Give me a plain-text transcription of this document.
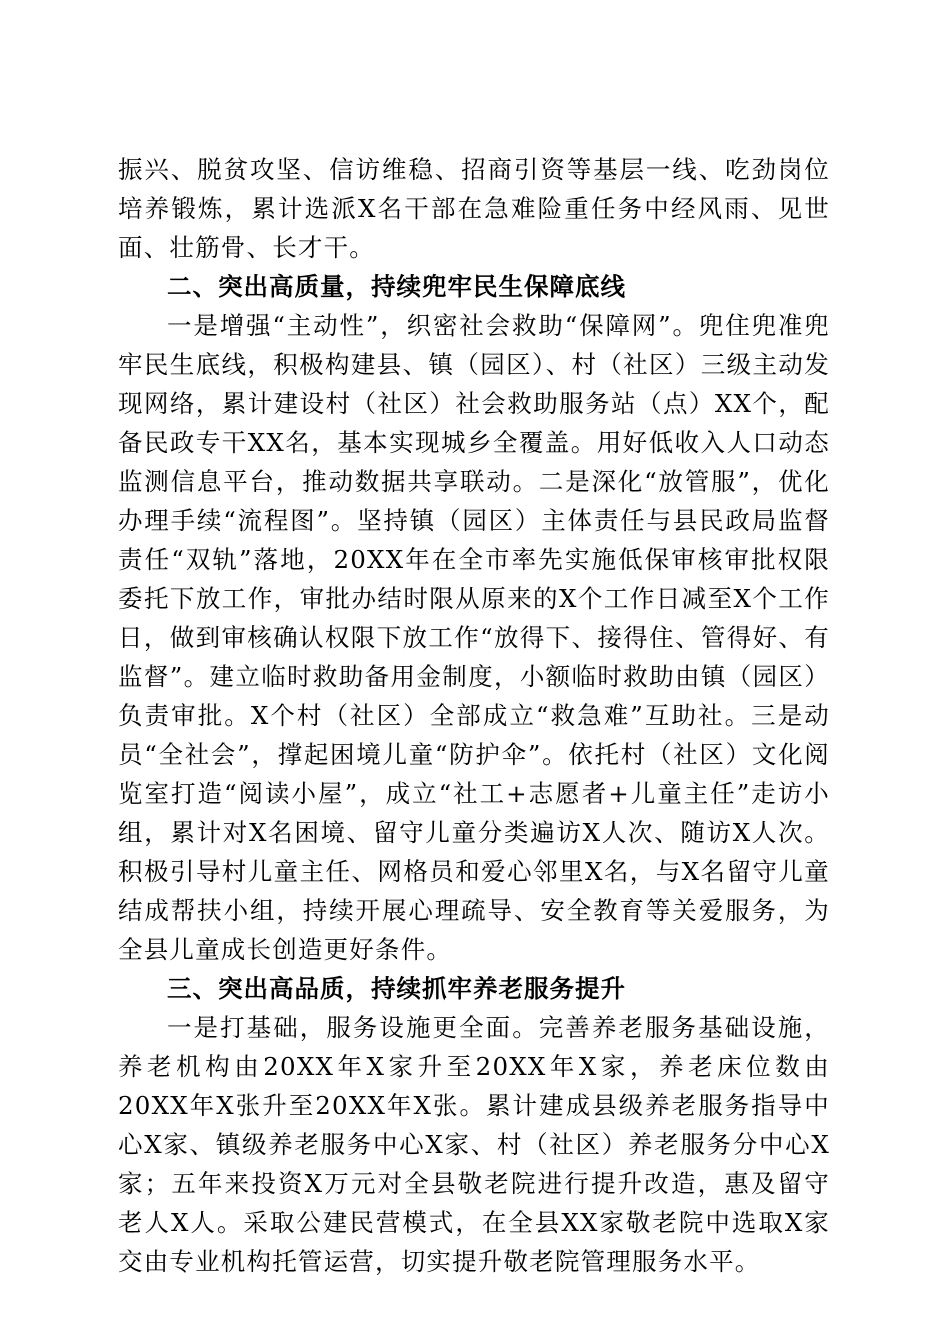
振兴、脱贫攻坚、信访维稳、招商引资等基层一线、吃劲岗位培养锻炼，累计选派X名干部在急难险重任务中经风雨、见世面、壮筋骨、长才干。

二、突出高质量，持续兜牢民生保障底线

一是增强“主动性”，织密社会救助“保障网”。兜住兜准兜牢民生底线，积极构建县、镇（园区）、村（社区）三级主动发现网络，累计建设村（社区）社会救助服务站（点）XX个，配备民政专干XX名，基本实现城乡全覆盖。用好低收入人口动态监测信息平台，推动数据共享联动。二是深化“放管服”，优化办理手续“流程图”。坚持镇（园区）主体责任与县民政局监督责任“双轨”落地，20XX年在全市率先实施低保审核审批权限委托下放工作，审批办结时限从原来的X个工作日减至X个工作日，做到审核确认权限下放工作“放得下、接得住、管得好、有监督”。建立临时救助备用金制度，小额临时救助由镇（园区）负责审批。X个村（社区）全部成立“救急难”互助社。三是动员“全社会”，撑起困境儿童“防护伞”。依托村（社区）文化阅览室打造“阅读小屋”，成立“社工+志愿者+儿童主任”走访小组，累计对X名困境、留守儿童分类遍访X人次、随访X人次。积极引导村儿童主任、网格员和爱心邻里X名，与X名留守儿童结成帮扶小组，持续开展心理疏导、安全教育等关爱服务，为全县儿童成长创造更好条件。

三、突出高品质，持续抓牢养老服务提升

一是打基础，服务设施更全面。完善养老服务基础设施，养老机构由20XX年X家升至20XX年X家，养老床位数由20XX年X张升至20XX年X张。累计建成县级养老服务指导中心X家、镇级养老服务中心X家、村（社区）养老服务分中心X家；五年来投资X万元对全县敬老院进行提升改造，惠及留守老人X人。采取公建民营模式，在全县XX家敬老院中选取X家交由专业机构托管运营，切实提升敬老院管理服务水平。
